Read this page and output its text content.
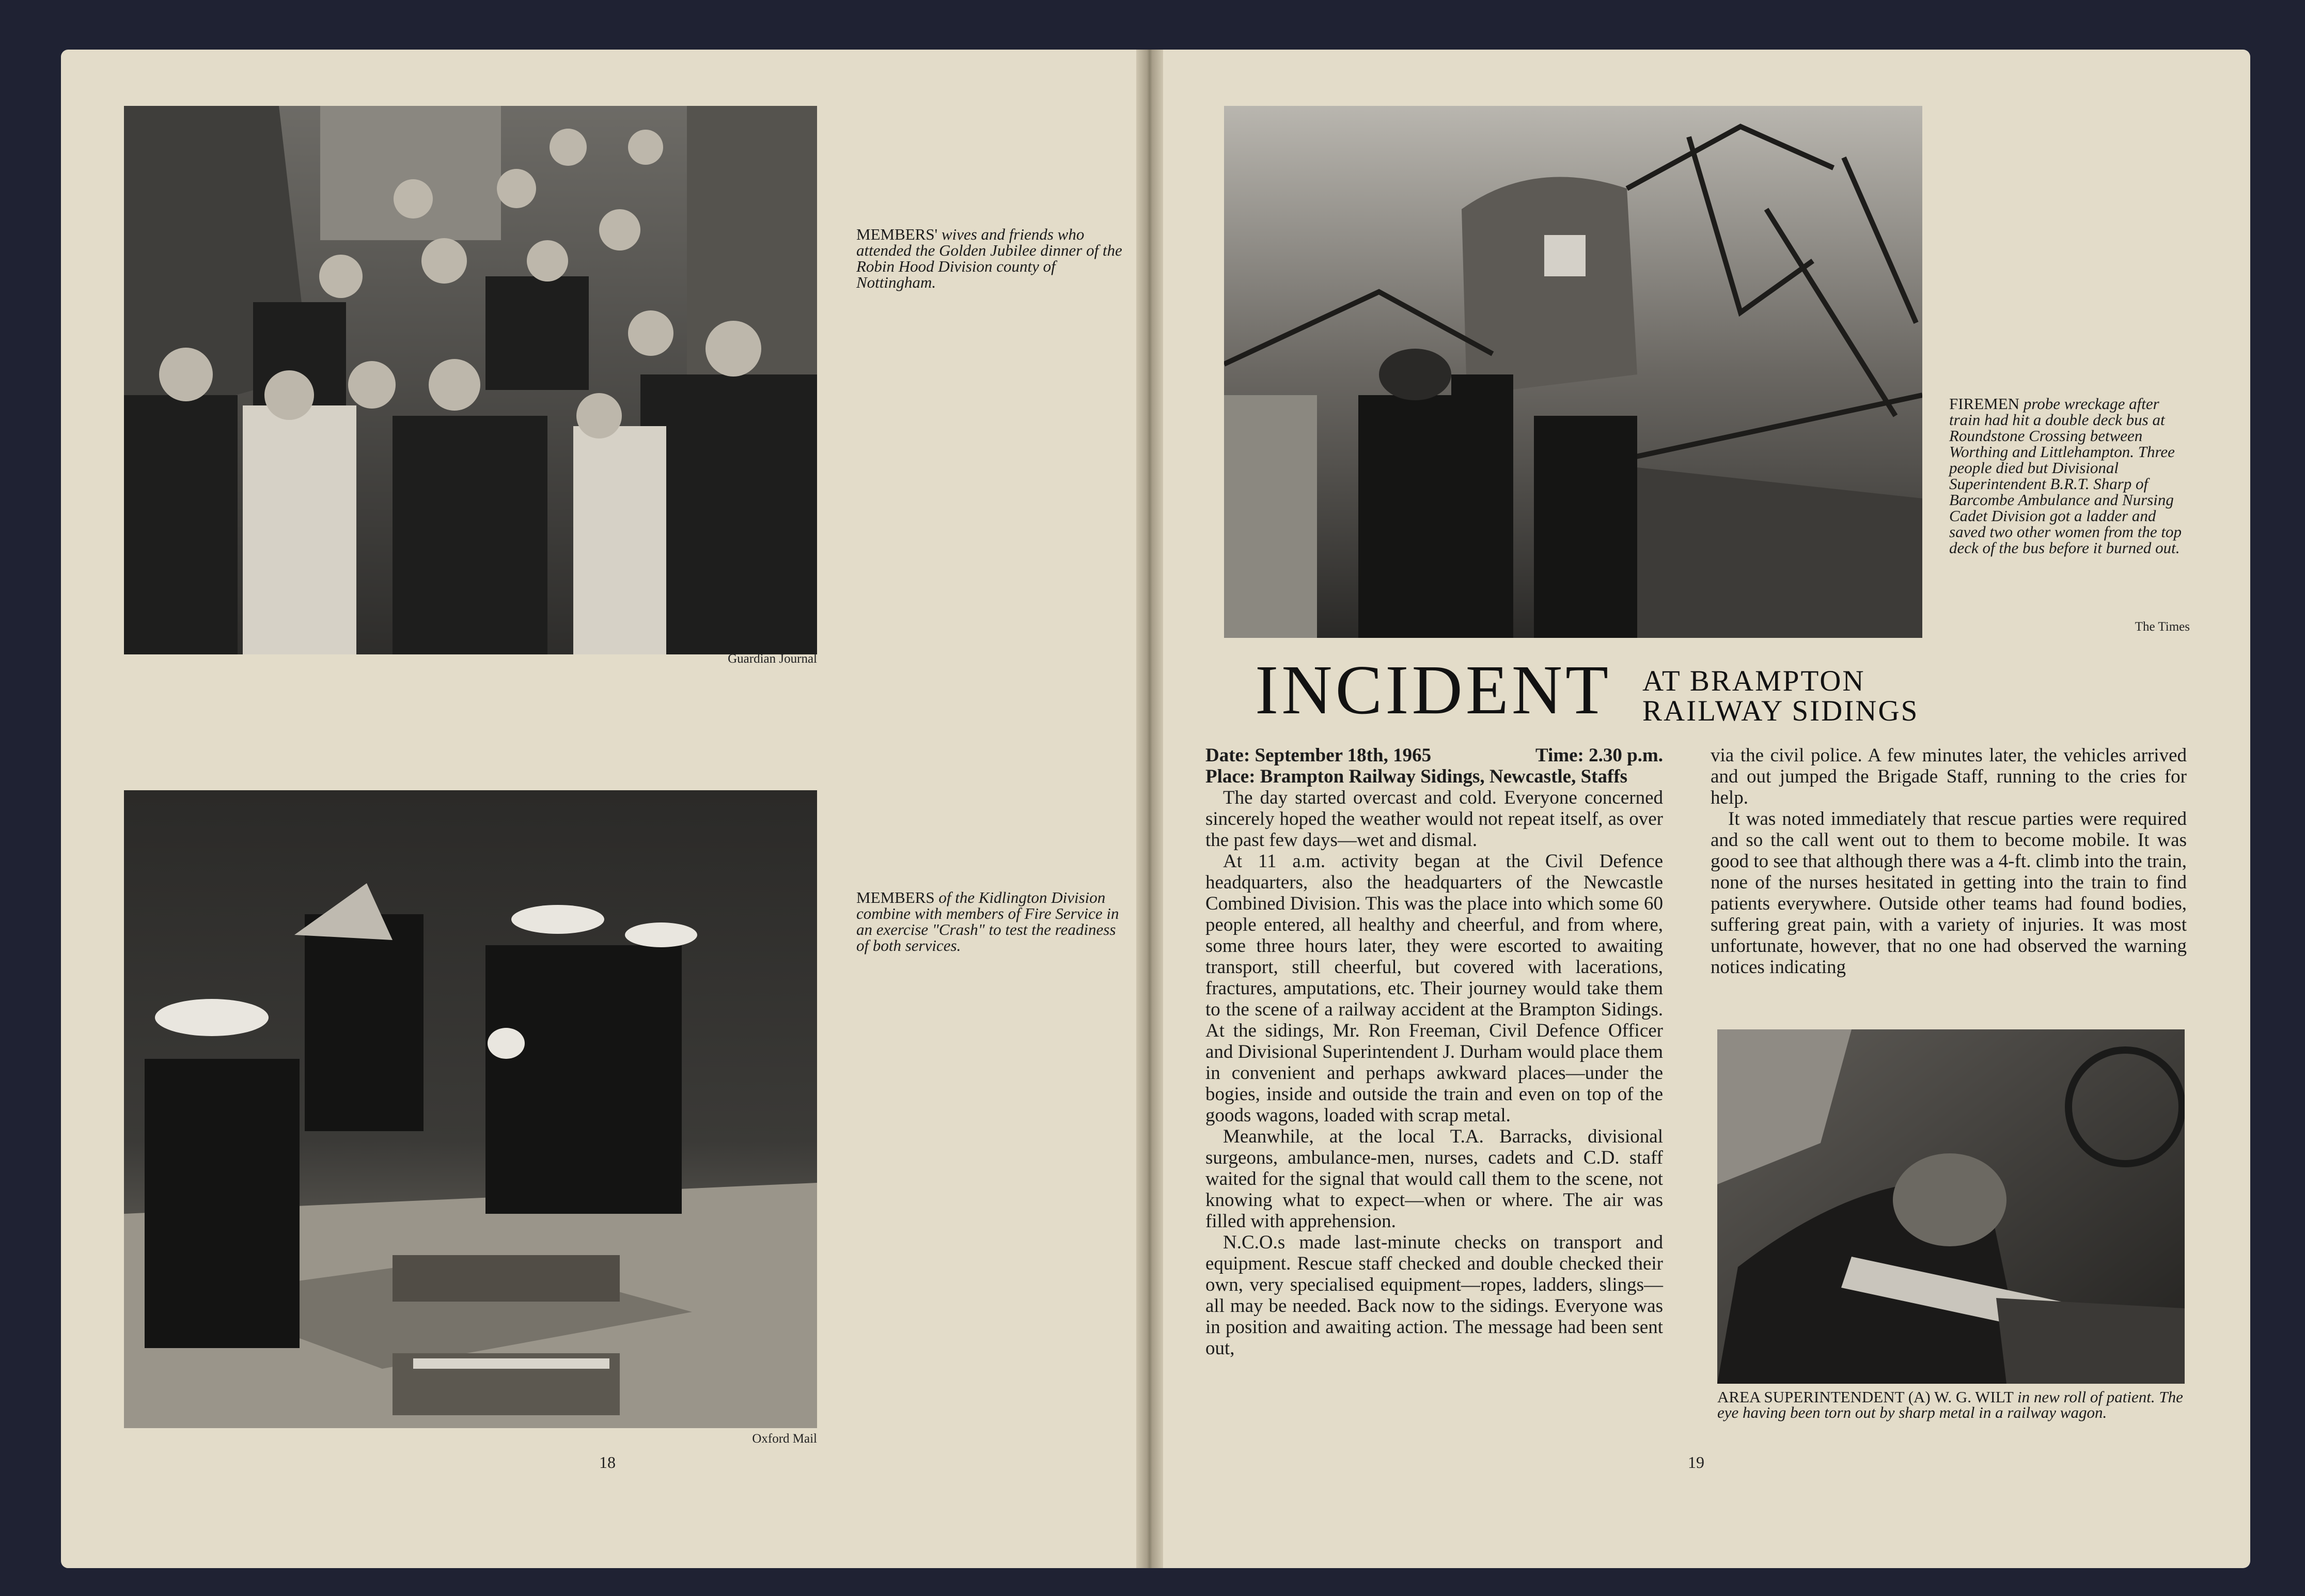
MEMBERS' wives and friends who attended the Golden Jubilee dinner of the Robin Hood Division county of Nottingham.
Guardian Journal
MEMBERS of the Kidlington Division combine with members of Fire Service in an exercise "Crash" to test the readiness of both services.
Oxford Mail
18
FIREMEN probe wreckage after train had hit a double deck bus at Roundstone Crossing between Worthing and Littlehampton. Three people died but Divisional Superintendent B.R.T. Sharp of Barcombe Ambulance and Nursing Cadet Division got a ladder and saved two other women from the top deck of the bus before it burned out.
The Times
INCIDENT AT BRAMPTON
RAILWAY SIDINGS
Date: September 18th, 1965	Time: 2.30 p.m.
Place: Brampton Railway Sidings, Newcastle, Staffs

The day started overcast and cold. Everyone concerned sincerely hoped the weather would not repeat itself, as over the past few days—wet and dismal.

At 11 a.m. activity began at the Civil Defence headquarters, also the headquarters of the Newcastle Combined Division. This was the place into which some 60 people entered, all healthy and cheerful, and from where, some three hours later, they were escorted to awaiting transport, still cheerful, but covered with lacerations, fractures, amputations, etc. Their journey would take them to the scene of a railway accident at the Brampton Sidings. At the sidings, Mr. Ron Freeman, Civil Defence Officer and Divisional Superintendent J. Durham would place them in convenient and perhaps awkward places—under the bogies, inside and outside the train and even on top of the goods wagons, loaded with scrap metal.

Meanwhile, at the local T.A. Barracks, divisional surgeons, ambulance-men, nurses, cadets and C.D. staff waited for the signal that would call them to the scene, not knowing what to expect—when or where. The air was filled with apprehension.

N.C.O.s made last-minute checks on transport and equipment. Rescue staff checked and double checked their own, very specialised equipment—ropes, ladders, slings—all may be needed. Back now to the sidings. Everyone was in position and awaiting action. The message had been sent out,

via the civil police. A few minutes later, the vehicles arrived and out jumped the Brigade Staff, running to the cries for help.

It was noted immediately that rescue parties were required and so the call went out to them to become mobile. It was good to see that although there was a 4-ft. climb into the train, none of the nurses hesitated in getting into the train to find patients everywhere. Outside other teams had found bodies, suffering great pain, with a variety of injuries. It was most unfortunate, however, that no one had observed the warning notices indicating

AREA SUPERINTENDENT (A) W. G. WILT in new roll of patient. The eye having been torn out by sharp metal in a railway wagon.
19
